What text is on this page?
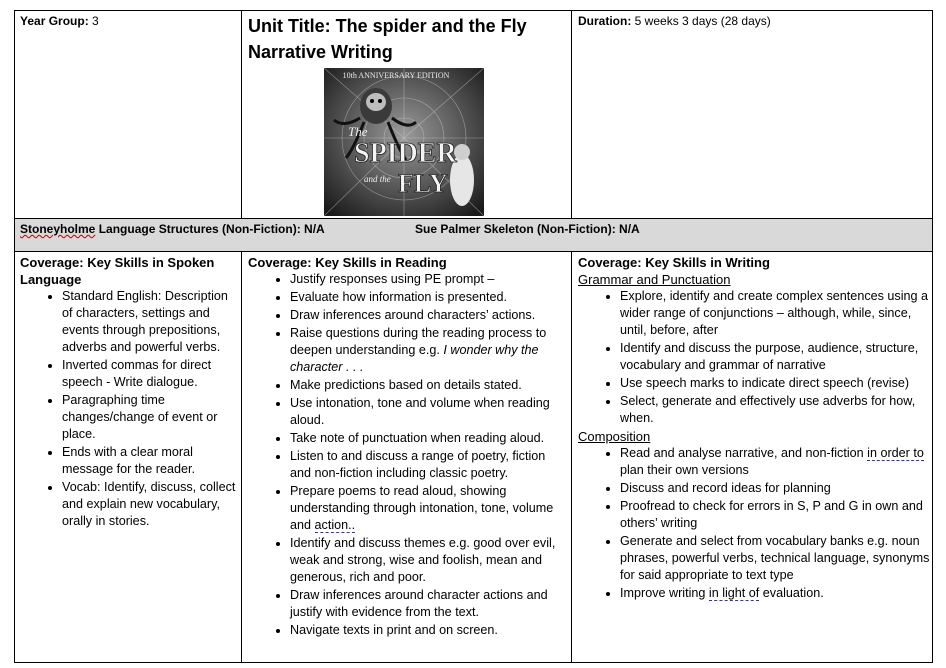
Year Group: 3	Unit Title: The spider and the Fly
Narrative Writing
Duration: 5 weeks 3 days (28 days)
10th ANNIVERSARY EDITION
The
SPIDER
and the FLY
Stoneyholme Language Structures (Non-Fiction): N/A	Sue Palmer Skeleton (Non-Fiction): N/A
Coverage: Key Skills in Spoken
Language
• Standard English: Description of characters, settings and events through prepositions, adverbs and powerful verbs.
• Inverted commas for direct speech - Write dialogue.
• Paragraphing time changes/change of event or place.
• Ends with a clear moral message for the reader.
• Vocab: Identify, discuss, collect and explain new vocabulary, orally in stories.
Coverage: Key Skills in Reading
• Justify responses using PE prompt –
• Evaluate how information is presented.
• Draw inferences around characters’ actions.
• Raise questions during the reading process to deepen understanding e.g. I wonder why the character . . .
• Make predictions based on details stated.
• Use intonation, tone and volume when reading aloud.
• Take note of punctuation when reading aloud.
• Listen to and discuss a range of poetry, fiction and non-fiction including classic poetry.
• Prepare poems to read aloud, showing understanding through intonation, tone, volume and action..
• Identify and discuss themes e.g. good over evil, weak and strong, wise and foolish, mean and generous, rich and poor.
• Draw inferences around character actions and justify with evidence from the text.
• Navigate texts in print and on screen.
Coverage: Key Skills in Writing
Grammar and Punctuation
• Explore, identify and create complex sentences using a wider range of conjunctions – although, while, since, until, before, after
• Identify and discuss the purpose, audience, structure, vocabulary and grammar of narrative
• Use speech marks to indicate direct speech (revise)
• Select, generate and effectively use adverbs for how, when.
Composition
• Read and analyse narrative, and non-fiction in order to plan their own versions
• Discuss and record ideas for planning
• Proofread to check for errors in S, P and G in own and others’ writing
• Generate and select from vocabulary banks e.g. noun phrases, powerful verbs, technical language, synonyms for said appropriate to text type
• Improve writing in light of evaluation.
